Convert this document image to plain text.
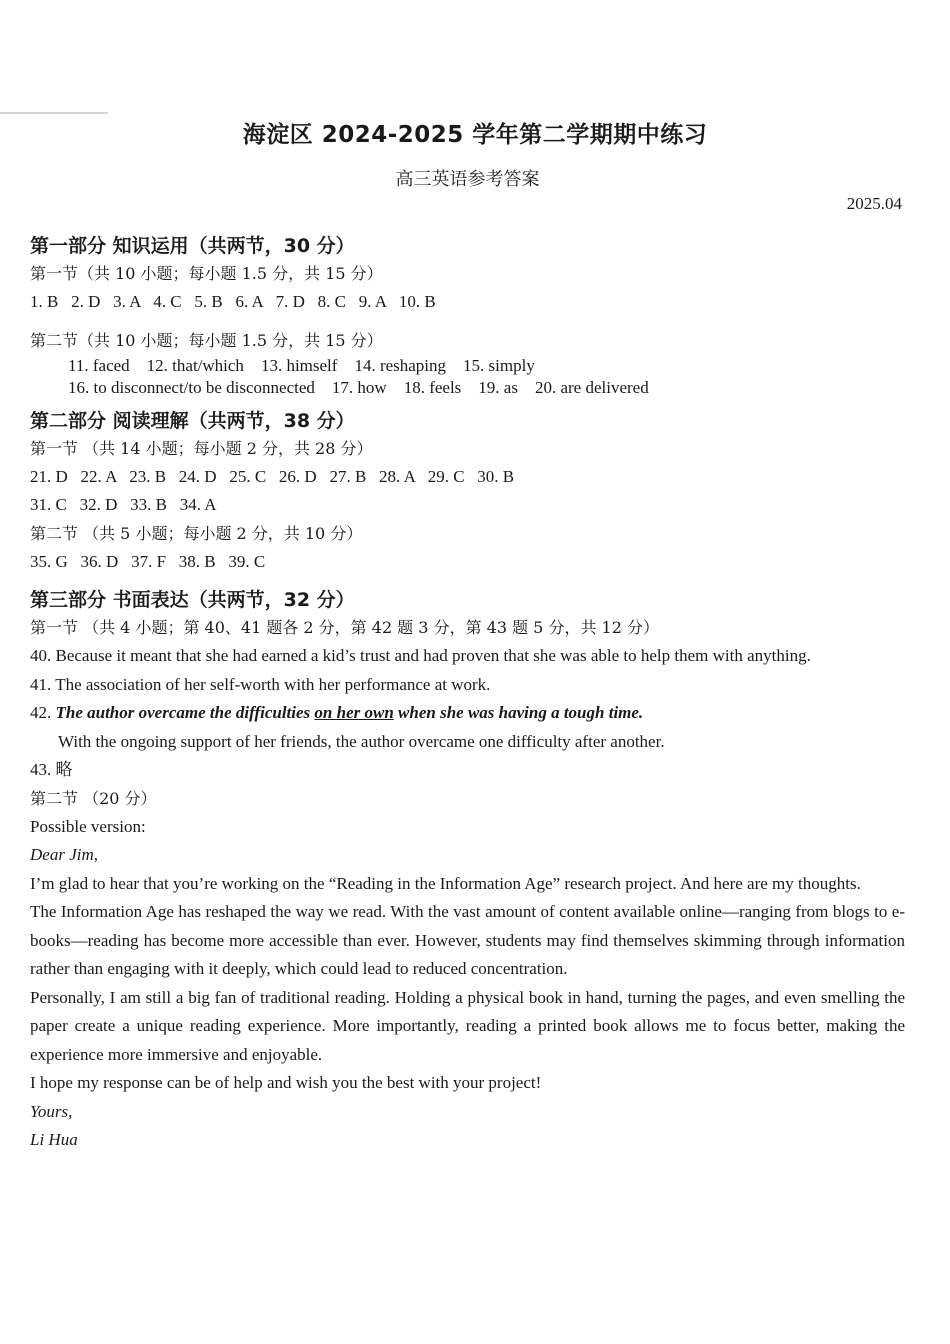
海淀区 2024-2025 学年第二学期期中练习
高三英语参考答案
2025.04
第一部分 知识运用（共两节，30 分）
第一节（共 10 小题；每小题 1.5 分，共 15 分）
1. B 2. D 3. A 4. C 5. B 6. A 7. D 8. C 9. A 10. B
第二节（共 10 小题；每小题 1.5 分，共 15 分）
11. faced 12. that/which 13. himself 14. reshaping 15. simply
16. to disconnect/to be disconnected 17. how 18. feels 19. as 20. are delivered
第二部分 阅读理解（共两节，38 分）
第一节 （共 14 小题；每小题 2 分，共 28 分）
21. D 22. A 23. B 24. D 25. C 26. D 27. B 28. A 29. C 30. B
31. C 32. D 33. B 34. A
第二节 （共 5 小题；每小题 2 分，共 10 分）
35. G 36. D 37. F 38. B 39. C
第三部分 书面表达（共两节，32 分）
第一节 （共 4 小题；第 40、41 题各 2 分，第 42 题 3 分，第 43 题 5 分，共 12 分）
40. Because it meant that she had earned a kid’s trust and had proven that she was able to help them with anything.
41. The association of her self-worth with her performance at work.
42. The author overcame the difficulties on her own when she was having a tough time.
With the ongoing support of her friends, the author overcame one difficulty after another.
43. 略
第二节 （20 分）
Possible version:
Dear Jim,
I’m glad to hear that you’re working on the “Reading in the Information Age” research project. And here are my thoughts.
The Information Age has reshaped the way we read. With the vast amount of content available online—ranging from blogs to e-books—reading has become more accessible than ever. However, students may find themselves skimming through information rather than engaging with it deeply, which could lead to reduced concentration.
Personally, I am still a big fan of traditional reading. Holding a physical book in hand, turning the pages, and even smelling the paper create a unique reading experience. More importantly, reading a printed book allows me to focus better, making the experience more immersive and enjoyable.
I hope my response can be of help and wish you the best with your project!
Yours,
Li Hua
